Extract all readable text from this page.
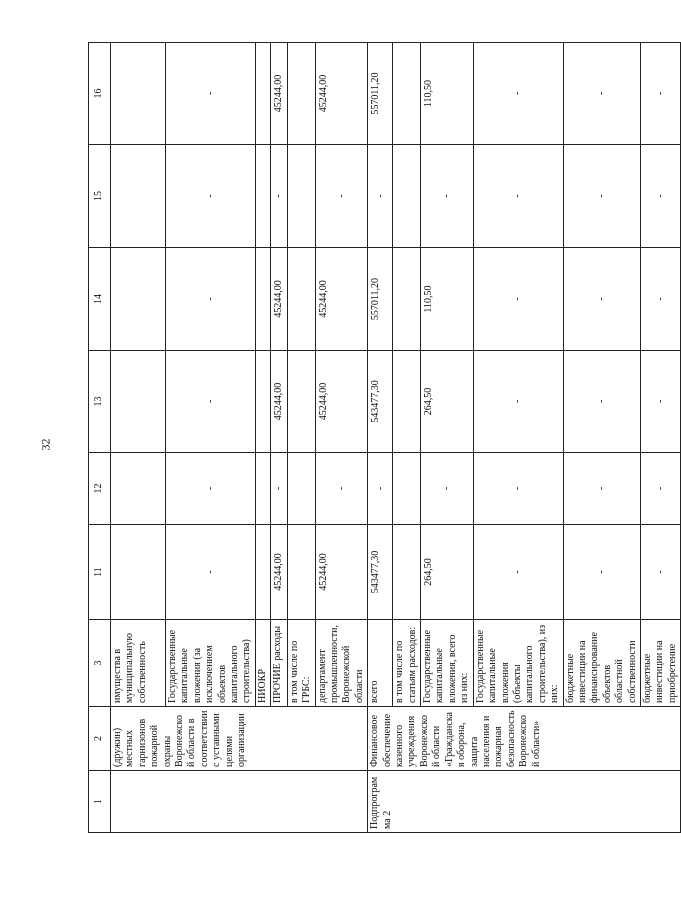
32
1	2	3	11	12	13	14	15	16
	(дружин) местных гарнизонов пожарной охраны Воронежской области в соответствии с уставными целями организации	имущества в муниципальную собственность						
		Государственные капитальные вложения (за исключением объектов капитального строительства)	-	-	-	-	-	-
		НИОКР						
		ПРОЧИЕ расходы	45244,00	-	45244,00	45244,00	-	45244,00
		в том числе по ГРБС:						
		департамент промышленности, Воронежской области	45244,00	-	45244,00	45244,00	-	45244,00
Подпрограмма 2	Финансовое обеспечение казенного учреждения Воронежской области «Гражданская оборона, защита населения и пожарная безопасность Воронежской области»	всего	543477,30	-	543477,30	557011,20	-	557011,20
		в том числе по статьям расходов:						
		Государственные капитальные вложения, всего из них:	264,50	-	264,50	110,50	-	110,50
		Государственные капитальные вложения (объекты капитального строительства), из них:	-	-	-	-	-	-
		бюджетные инвестиции на финансирование объектов областной собственности	-	-	-	-	-	-
		бюджетные инвестиции на приобретение	-	-	-	-	-	-
